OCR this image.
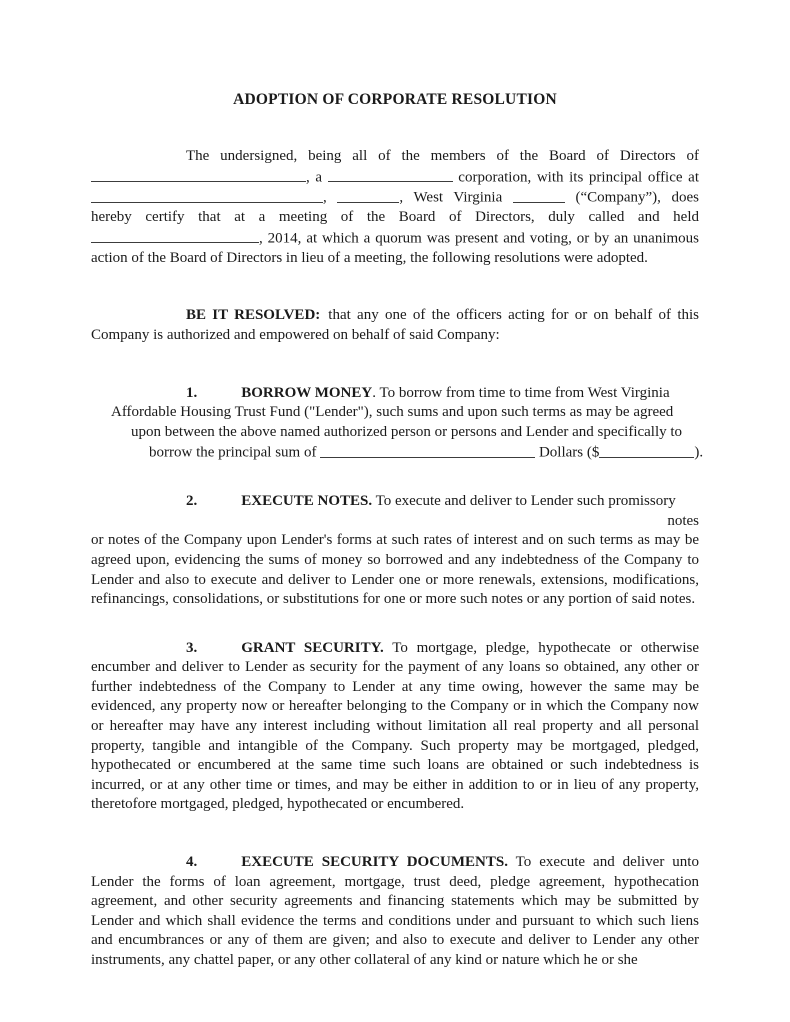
ADOPTION OF CORPORATE RESOLUTION

The undersigned, being all of the members of the Board of Directors of , a	corporation, with its principal office at ,	, West Virginia	(“Company”), does hereby certify that at a meeting of the Board of Directors, duly called and held , 2014, at which a quorum was present and voting, or by an unanimous action of the Board of Directors in lieu of a meeting, the following resolutions were adopted.

BE IT RESOLVED: that any one of the officers acting for or on behalf of this Company is authorized and empowered on behalf of said Company:

1.	BORROW MONEY. To borrow from time to time from West Virginia
Affordable Housing Trust Fund ("Lender"), such sums and upon such terms as may be agreed
upon between the above named authorized person or persons and Lender and specifically to
borrow the principal sum of	Dollars ($	).
2.	EXECUTE NOTES. To execute and deliver to Lender such promissory
notes

or notes of the Company upon Lender's forms at such rates of interest and on such terms as may be agreed upon, evidencing the sums of money so borrowed and any indebtedness of the Company to Lender and also to execute and deliver to Lender one or more renewals, extensions, modifications, refinancings, consolidations, or substitutions for one or more such notes or any portion of said notes.

3.	GRANT SECURITY. To mortgage, pledge, hypothecate or otherwise encumber and deliver to Lender as security for the payment of any loans so obtained, any other or further indebtedness of the Company to Lender at any time owing, however the same may be evidenced, any property now or hereafter belonging to the Company or in which the Company now or hereafter may have any interest including without limitation all real property and all personal property, tangible and intangible of the Company. Such property may be mortgaged, pledged, hypothecated or encumbered at the same time such loans are obtained or such indebtedness is incurred, or at any other time or times, and may be either in addition to or in lieu of any property, theretofore mortgaged, pledged, hypothecated or encumbered.

4.	EXECUTE SECURITY DOCUMENTS. To execute and deliver unto Lender the forms of loan agreement, mortgage, trust deed, pledge agreement, hypothecation agreement, and other security agreements and financing statements which may be submitted by Lender and which shall evidence the terms and conditions under and pursuant to which such liens and encumbrances or any of them are given; and also to execute and deliver to Lender any other instruments, any chattel paper, or any other collateral of any kind or nature which he or she
